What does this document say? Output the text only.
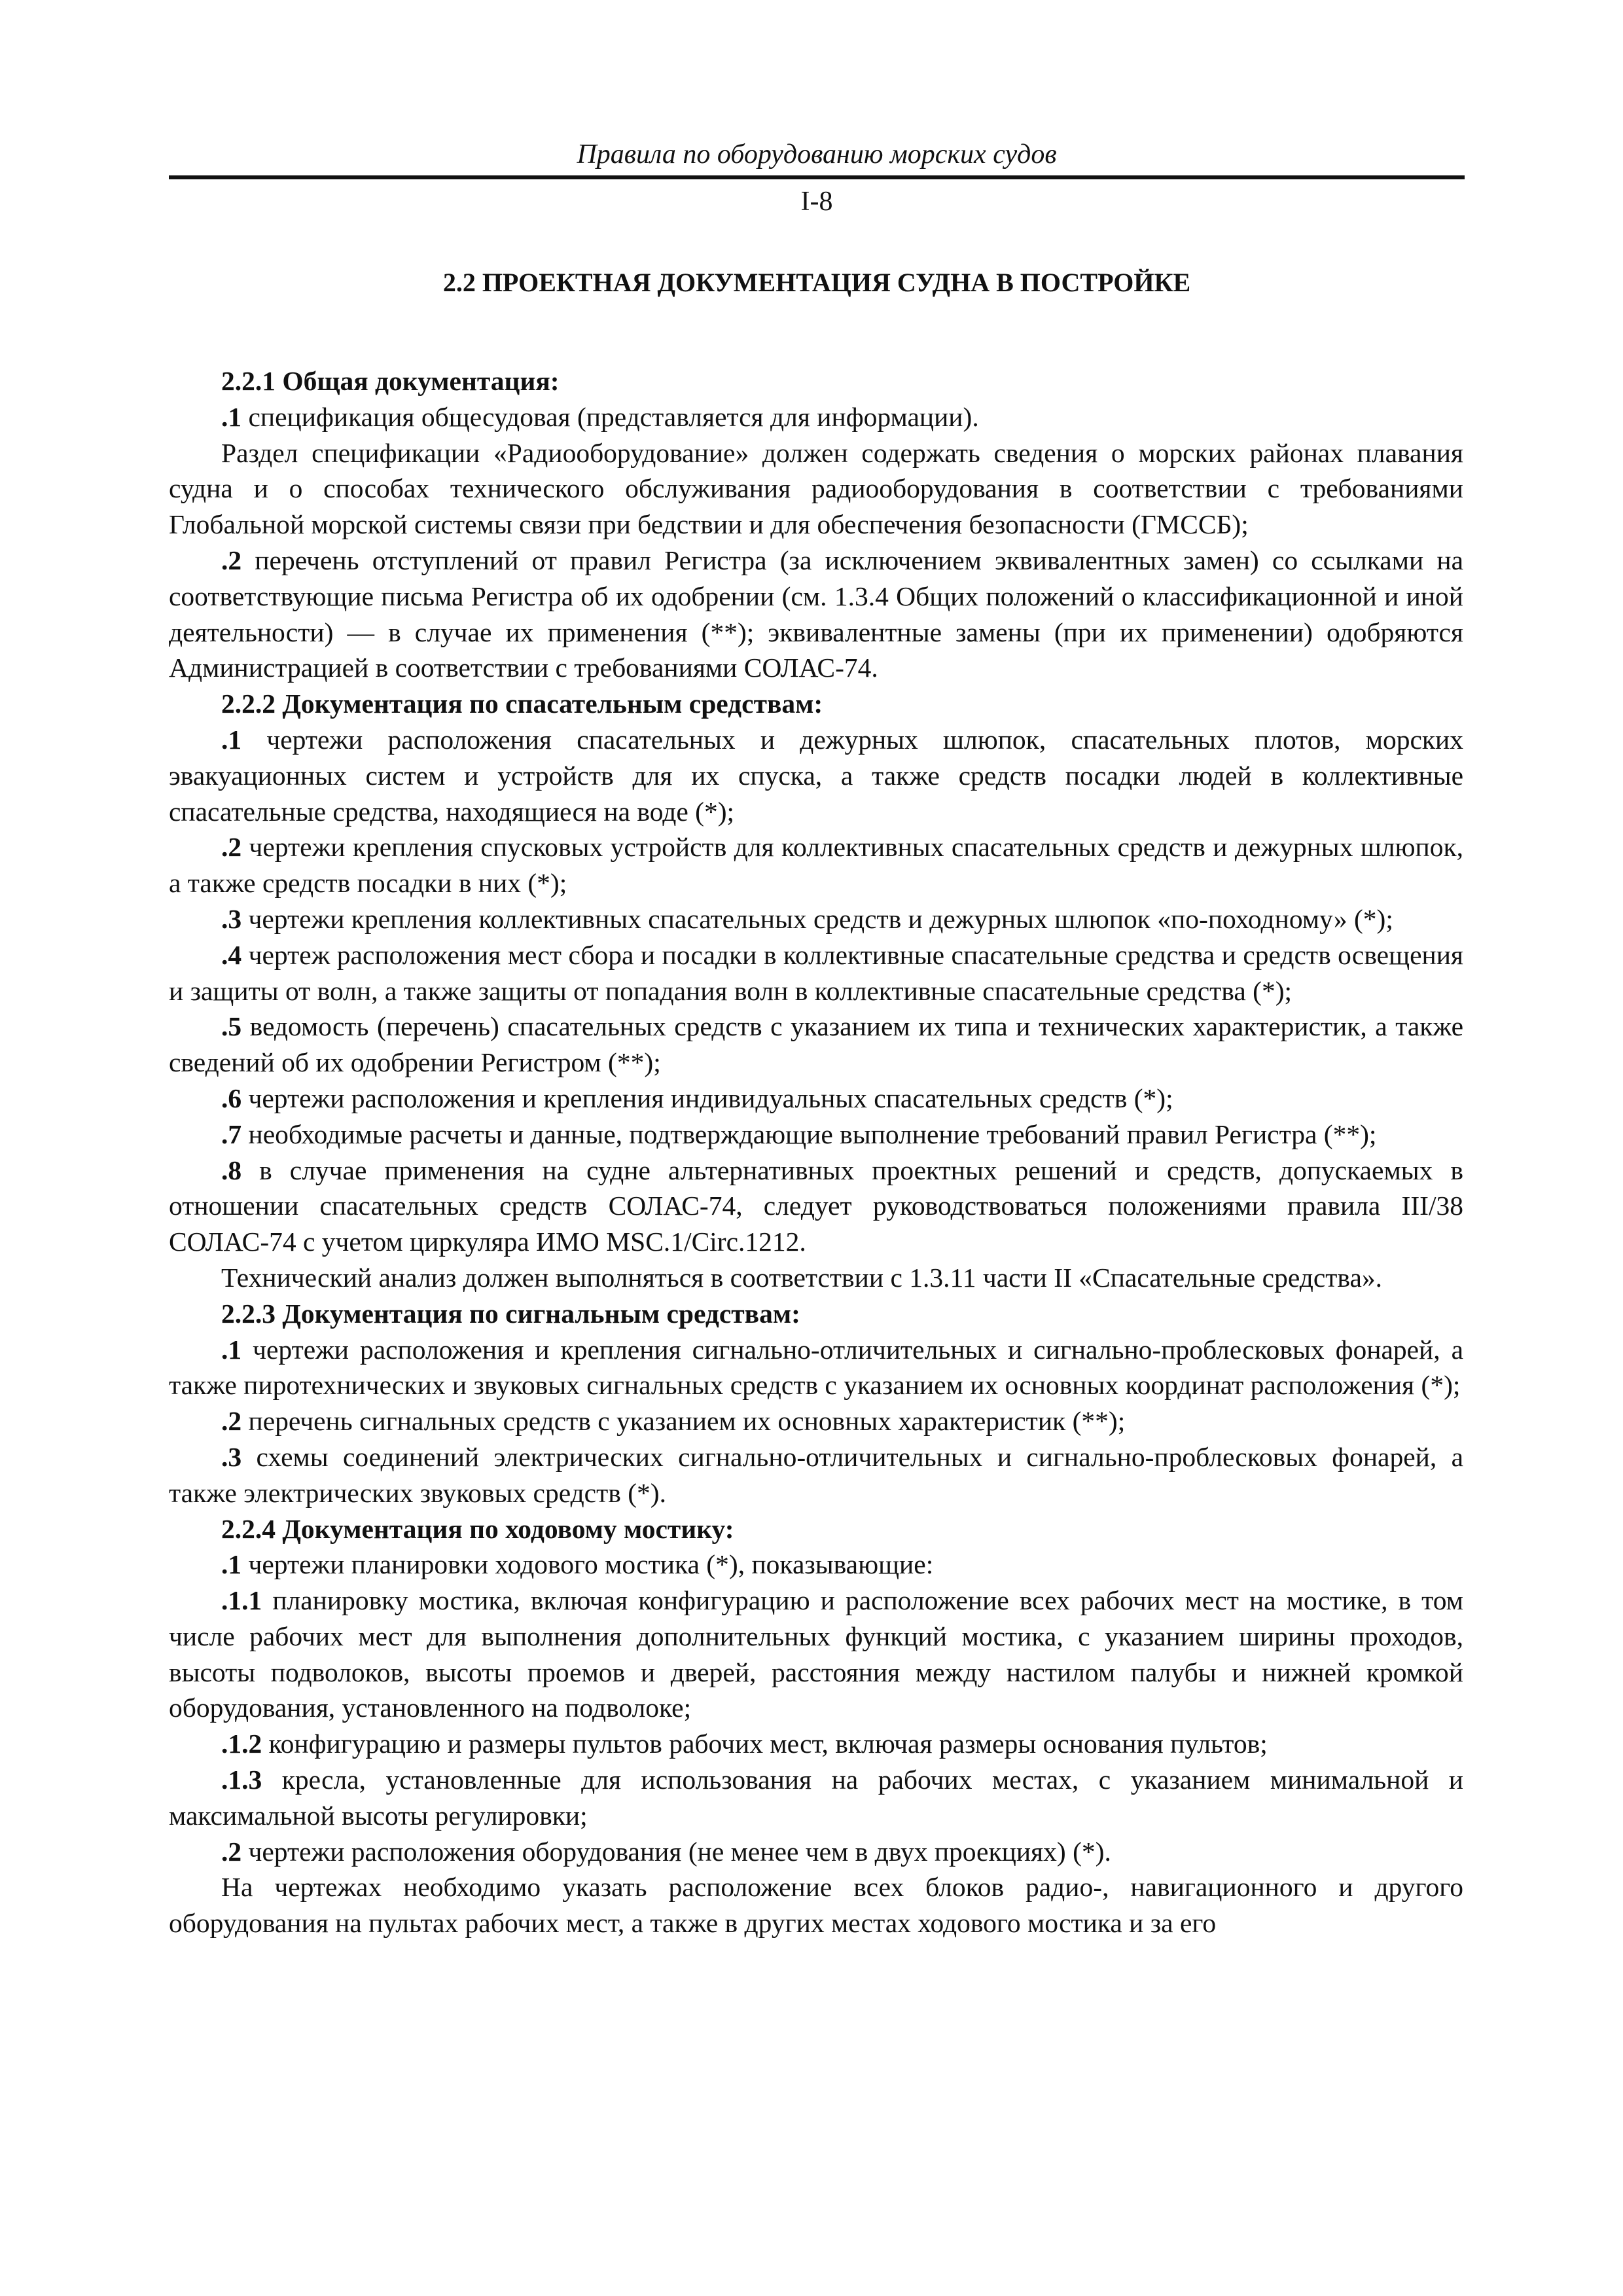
Правила по оборудованию морских судов
I-8
2.2 ПРОЕКТНАЯ ДОКУМЕНТАЦИЯ СУДНА В ПОСТРОЙКЕ

2.2.1 Общая документация:

.1 спецификация общесудовая (представляется для информации).

Раздел спецификации «Радиооборудование» должен содержать сведения о морских районах плавания судна и о способах технического обслуживания радиооборудования в соответствии с требованиями Глобальной морской системы связи при бедствии и для обеспечения безопасности (ГМССБ);

.2 перечень отступлений от правил Регистра (за исключением эквивалентных замен) со ссылками на соответствующие письма Регистра об их одобрении (см. 1.3.4 Общих положений о классификационной и иной деятельности) — в случае их применения (**); эквивалентные замены (при их применении) одобряются Администрацией в соответствии с требованиями СОЛАС-74.

2.2.2 Документация по спасательным средствам:

.1 чертежи расположения спасательных и дежурных шлюпок, спасательных плотов, морских эвакуационных систем и устройств для их спуска, а также средств посадки людей в коллективные спасательные средства, находящиеся на воде (*);

.2 чертежи крепления спусковых устройств для коллективных спасательных средств и дежурных шлюпок, а также средств посадки в них (*);

.3 чертежи крепления коллективных спасательных средств и дежурных шлюпок «по-походному» (*);

.4 чертеж расположения мест сбора и посадки в коллективные спасательные средства и средств освещения и защиты от волн, а также защиты от попадания волн в коллективные спасательные средства (*);

.5 ведомость (перечень) спасательных средств с указанием их типа и технических характеристик, а также сведений об их одобрении Регистром (**);

.6 чертежи расположения и крепления индивидуальных спасательных средств (*);

.7 необходимые расчеты и данные, подтверждающие выполнение требований правил Регистра (**);

.8 в случае применения на судне альтернативных проектных решений и средств, допускаемых в отношении спасательных средств СОЛАС-74, следует руководствоваться положениями правила III/38 СОЛАС-74 с учетом циркуляра ИМО MSC.1/Circ.1212.

Технический анализ должен выполняться в соответствии с 1.3.11 части II «Спасательные средства».

2.2.3 Документация по сигнальным средствам:

.1 чертежи расположения и крепления сигнально-отличительных и сигнально-проблесковых фонарей, а также пиротехнических и звуковых сигнальных средств с указанием их основных координат расположения (*);

.2 перечень сигнальных средств с указанием их основных характеристик (**);

.3 схемы соединений электрических сигнально-отличительных и сигнально-проблесковых фонарей, а также электрических звуковых средств (*).

2.2.4 Документация по ходовому мостику:

.1 чертежи планировки ходового мостика (*), показывающие:

.1.1 планировку мостика, включая конфигурацию и расположение всех рабочих мест на мостике, в том числе рабочих мест для выполнения дополнительных функций мостика, с указанием ширины проходов, высоты подволоков, высоты проемов и дверей, расстояния между настилом палубы и нижней кромкой оборудования, установленного на подволоке;

.1.2 конфигурацию и размеры пультов рабочих мест, включая размеры основания пультов;

.1.3 кресла, установленные для использования на рабочих местах, с указанием минимальной и максимальной высоты регулировки;

.2 чертежи расположения оборудования (не менее чем в двух проекциях) (*).

На чертежах необходимо указать расположение всех блоков радио-, навигационного и другого оборудования на пультах рабочих мест, а также в других местах ходового мостика и за его
